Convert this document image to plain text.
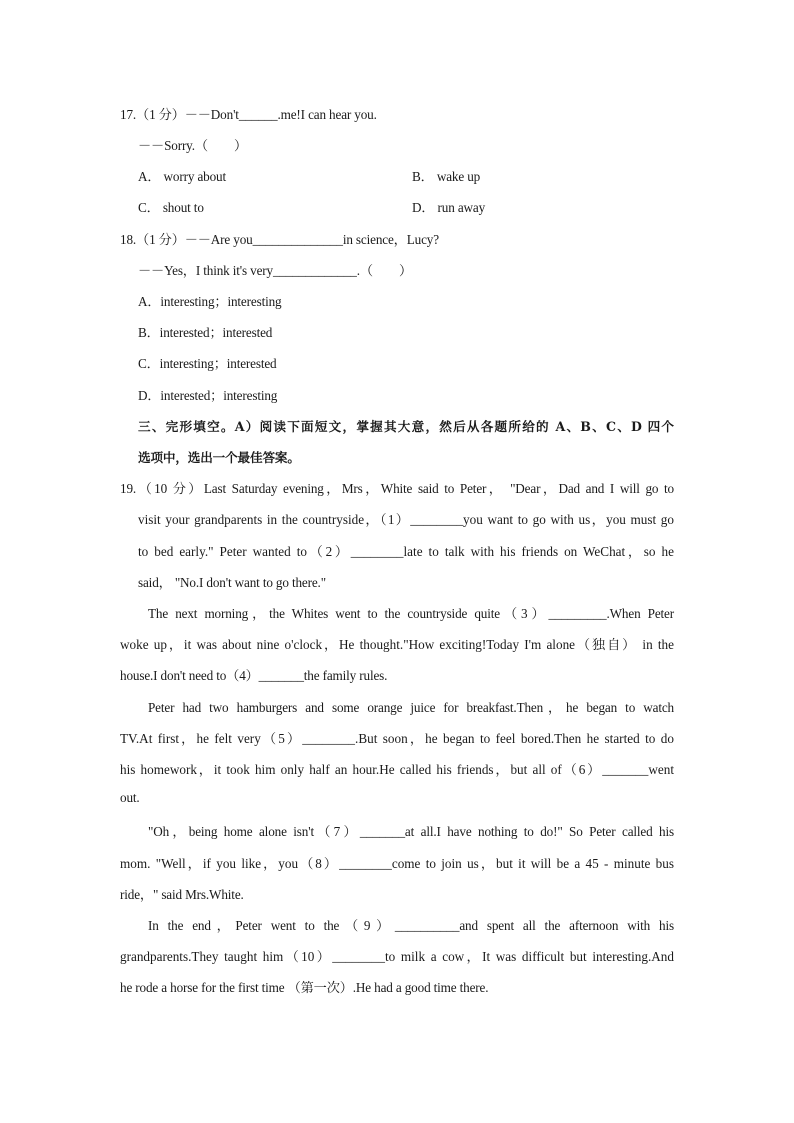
17.（1 分）－－Don't______.me!I can hear you.
－－Sorry.（　　）
A． worry about	B． wake up
C． shout to	D． run away
18.（1 分）－－Are you______________in science，Lucy?
－－Yes，I think it's very_____________.（　　）
A．interesting；interesting
B．interested；interested
C．interesting；interested
D．interested；interesting
三、完形填空。A）阅读下面短文，掌握其大意，然后从各题所给的 A、B、C、D 四个
选项中，选出一个最佳答案。
19.（10 分）Last Saturday evening，Mrs，White said to Peter， "Dear，Dad and I will go to
visit your grandparents in the countryside，（1）________you want to go with us，you must go
to bed early." Peter wanted to（2）________late to talk with his friends on WeChat，so he
said， "No.I don't want to go there."
The next morning，the Whites went to the countryside quite（3）_________.When Peter
woke up，it was about nine o'clock，He thought."How exciting!Today I'm alone（独自） in the
house.I don't need to（4）_______the family rules.
Peter had two hamburgers and some orange juice for breakfast.Then，he began to watch
TV.At first，he felt very（5）________.But soon，he began to feel bored.Then he started to do
his homework，it took him only half an hour.He called his friends，but all of（6）_______went
out.
"Oh，being home alone isn't（7）_______at all.I have nothing to do!" So Peter called his
mom. "Well，if you like，you（8）________come to join us，but it will be a 45 - minute bus
ride，" said Mrs.White.
In the end，Peter went to the（9）__________and spent all the afternoon with his
grandparents.They taught him（10）________to milk a cow，It was difficult but interesting.And
he rode a horse for the first time （第一次）.He had a good time there.
